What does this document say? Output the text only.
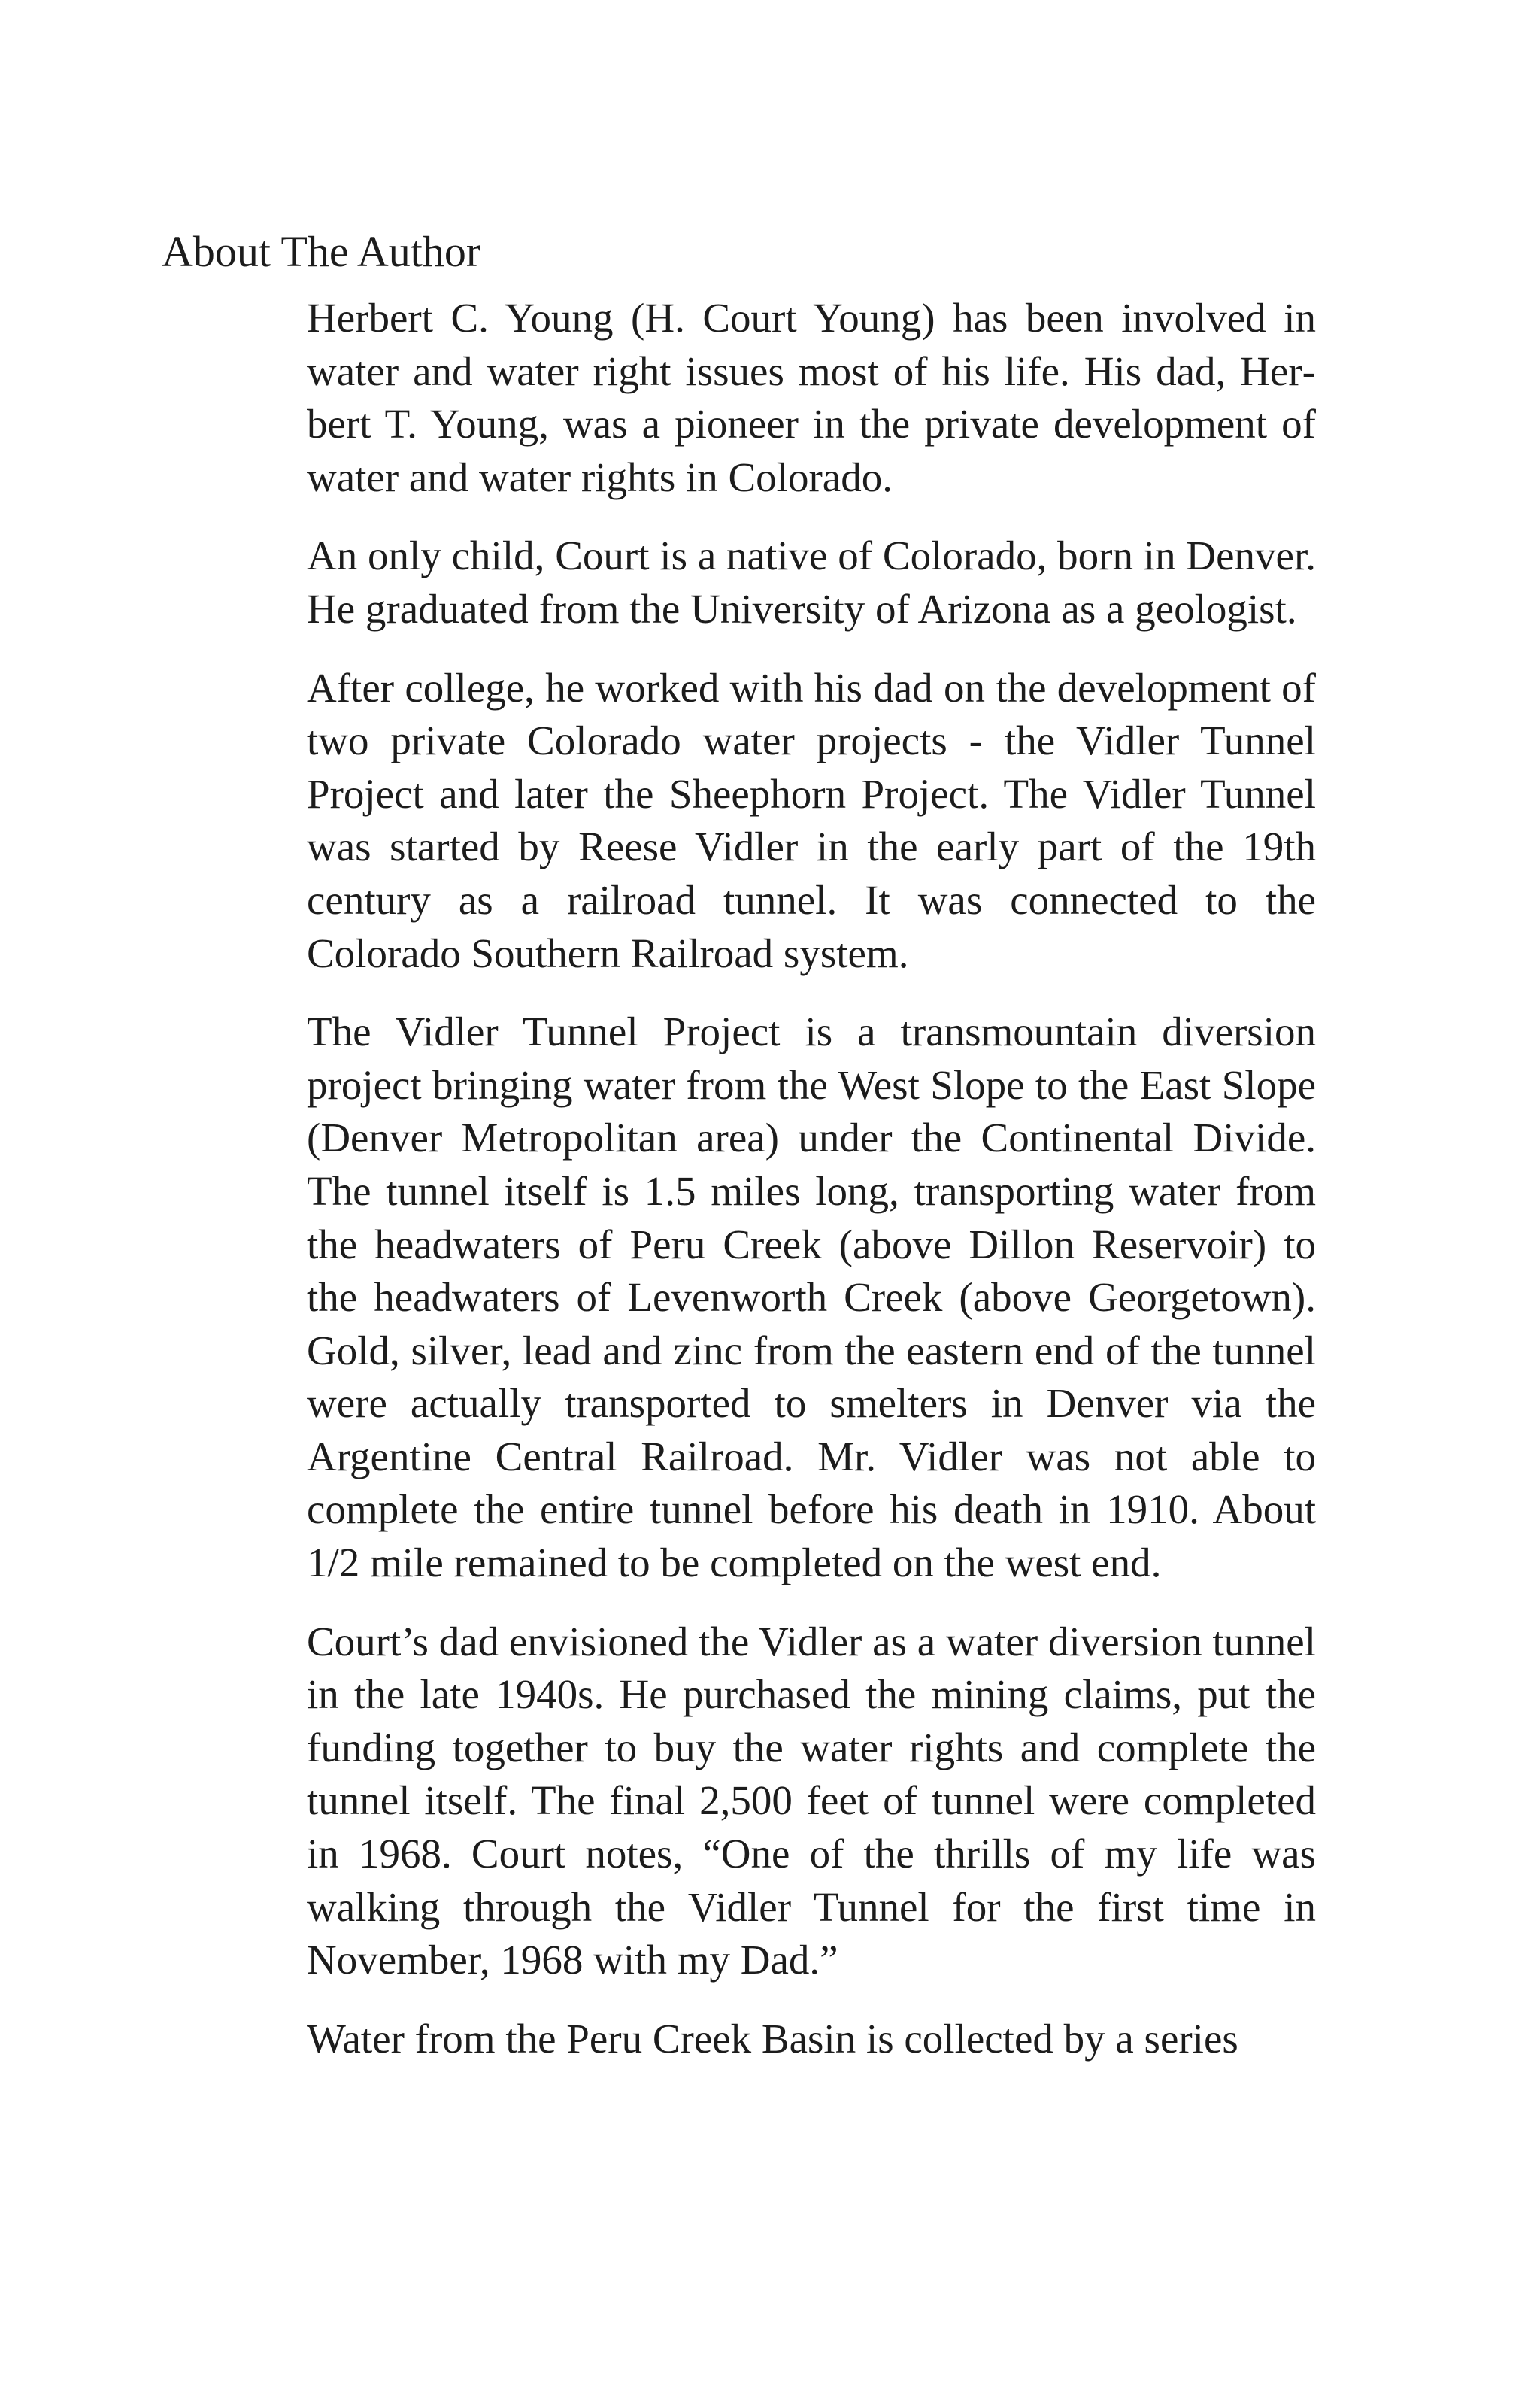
About The Author

Herbert C. Young (H. Court Young) has been involved in water and water right issues most of his life. His dad, Herbert T. Young, was a pioneer in the private development of water and water rights in Colorado.

An only child, Court is a native of Colorado, born in Denver. He graduated from the University of Arizona as a geologist.

After college, he worked with his dad on the development of two private Colorado water projects - the Vidler Tunnel Project and later the Sheephorn Project. The Vidler Tunnel was started by Reese Vidler in the early part of the 19th century as a railroad tunnel. It was connected to the Colorado Southern Railroad system.

The Vidler Tunnel Project is a transmountain diversion project bringing water from the West Slope to the East Slope (Denver Metropolitan area) under the Continental Divide. The tunnel itself is 1.5 miles long, transporting water from the headwaters of Peru Creek (above Dillon Reservoir) to the headwaters of Levenworth Creek (above Georgetown). Gold, silver, lead and zinc from the eastern end of the tunnel were actually transported to smelters in Denver via the Argentine Central Railroad. Mr. Vidler was not able to complete the entire tunnel before his death in 1910. About 1/2 mile remained to be completed on the west end.

Court’s dad envisioned the Vidler as a water diversion tunnel in the late 1940s. He purchased the mining claims, put the funding together to buy the water rights and complete the tunnel itself. The final 2,500 feet of tunnel were completed in 1968. Court notes, “One of the thrills of my life was walking through the Vidler Tunnel for the first time in November, 1968 with my Dad.”

Water from the Peru Creek Basin is collected by a series
